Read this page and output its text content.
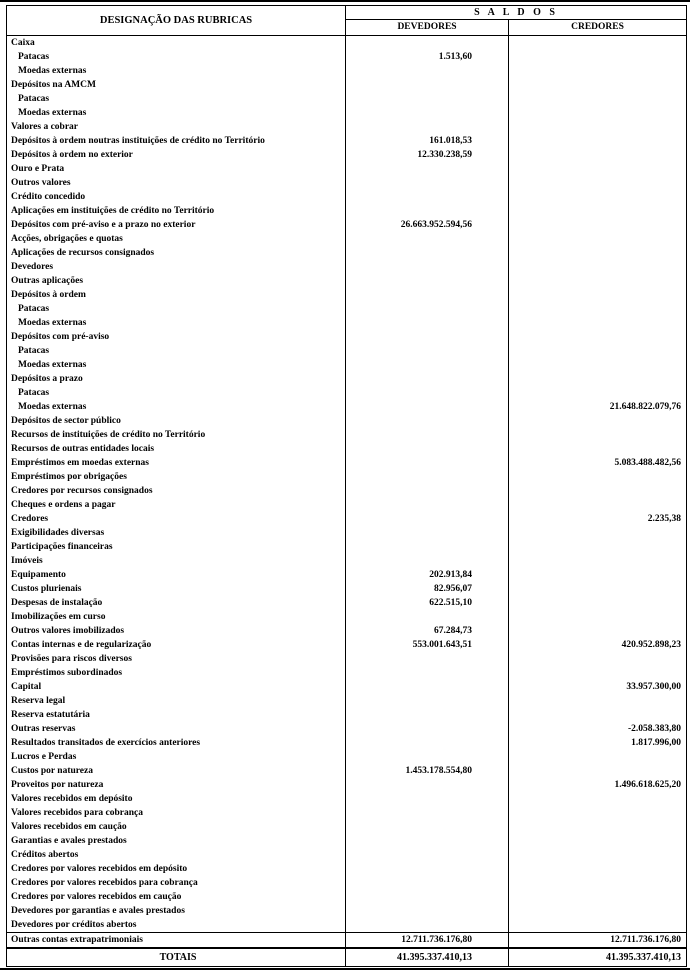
DESIGNAÇÃO DAS RUBRICAS	S A L D O S	
	DEVEDORES	CREDORES
Caixa		
Patacas	1.513,60	
Moedas externas		
Depósitos na AMCM		
Patacas		
Moedas externas		
Valores a cobrar		
Depósitos à ordem noutras instituições de crédito no Território	161.018,53	
Depósitos à ordem no exterior	12.330.238,59	
Ouro e Prata		
Outros valores		
Crédito concedido		
Aplicações em instituições de crédito no Território		
Depósitos com pré-aviso e a prazo no exterior	26.663.952.594,56	
Acções, obrigações e quotas		
Aplicações de recursos consignados		
Devedores		
Outras aplicações		
Depósitos à ordem		
Patacas		
Moedas externas		
Depósitos com pré-aviso		
Patacas		
Moedas externas		
Depósitos a prazo		
Patacas		
Moedas externas		21.648.822.079,76
Depósitos de sector público		
Recursos de instituições de crédito no Território		
Recursos de outras entidades locais		
Empréstimos em moedas externas		5.083.488.482,56
Empréstimos por obrigações		
Credores por recursos consignados		
Cheques e ordens a pagar		
Credores		2.235,38
Exigibilidades diversas		
Participações financeiras		
Imóveis		
Equipamento	202.913,84	
Custos plurienais	82.956,07	
Despesas de instalação	622.515,10	
Imobilizações em curso		
Outros valores imobilizados	67.284,73	
Contas internas e de regularização	553.001.643,51	420.952.898,23
Provisões para riscos diversos		
Empréstimos subordinados		
Capital		33.957.300,00
Reserva legal		
Reserva estatutária		
Outras reservas		-2.058.383,80
Resultados transitados de exercícios anteriores		1.817.996,00
Lucros e Perdas		
Custos por natureza	1.453.178.554,80	
Proveitos por natureza		1.496.618.625,20
Valores recebidos em depósito		
Valores recebidos para cobrança		
Valores recebidos em caução		
Garantias e avales prestados		
Créditos abertos		
Credores por valores recebidos em depósito		
Credores por valores recebidos para cobrança		
Credores por valores recebidos em caução		
Devedores por garantias e avales prestados		
Devedores por créditos abertos		
Outras contas extrapatrimoniais	12.711.736.176,80	12.711.736.176,80
TOTAIS	41.395.337.410,13	41.395.337.410,13
